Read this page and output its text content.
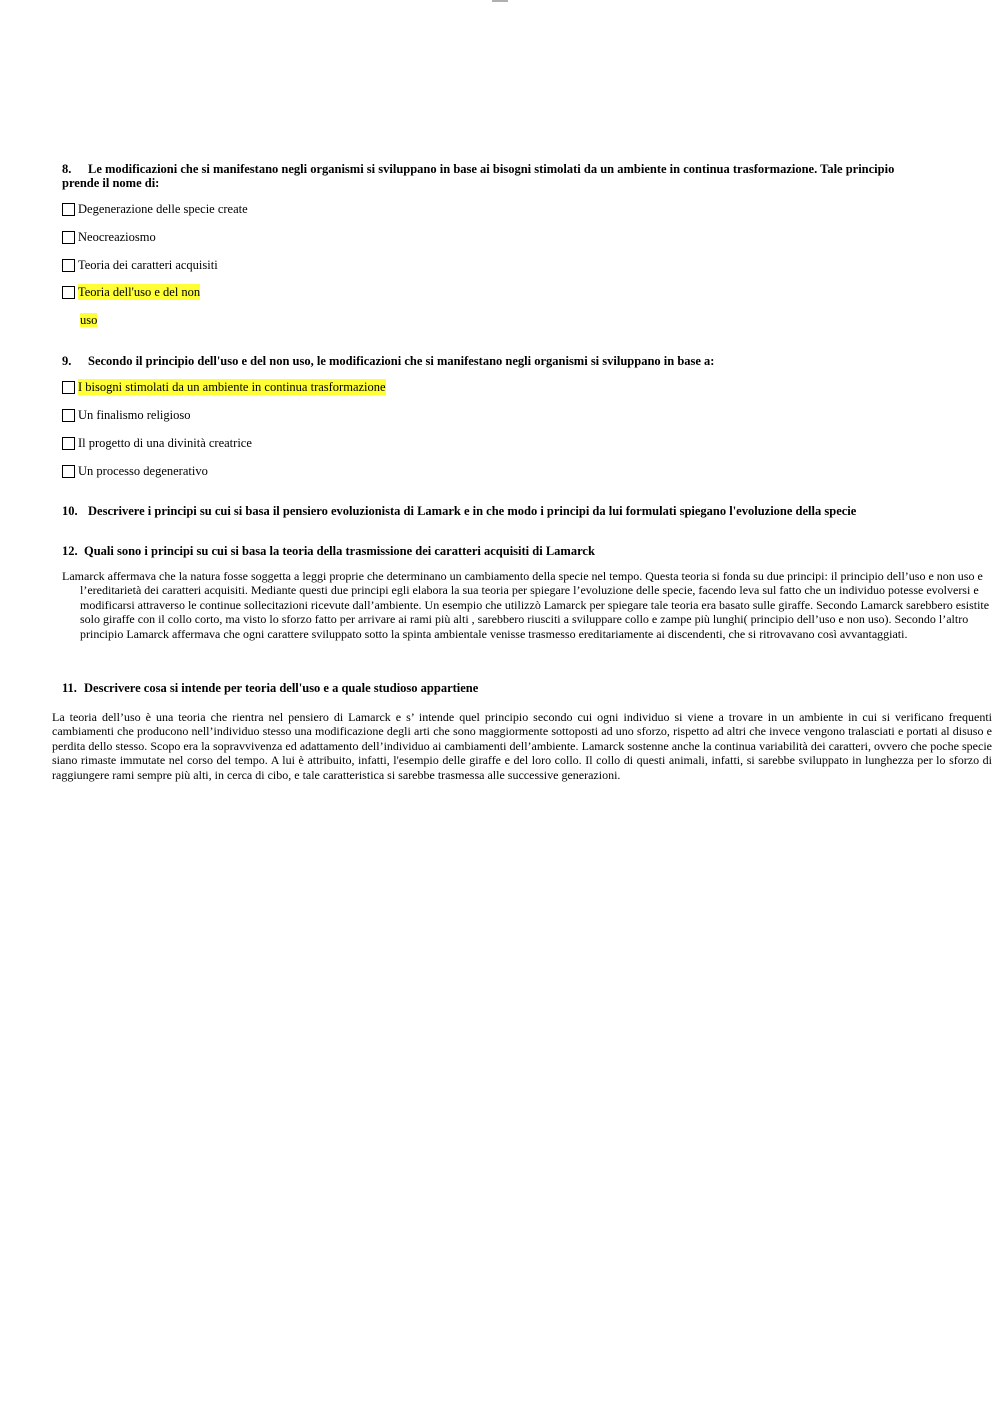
8. Le modificazioni che si manifestano negli organismi si sviluppano in base ai bisogni stimolati da un ambiente in continua trasformazione. Tale principio
prende il nome di:
Degenerazione delle specie create
Neocreaziosmo
Teoria dei caratteri acquisiti
Teoria dell'uso e del non
uso
9. Secondo il principio dell'uso e del non uso, le modificazioni che si manifestano negli organismi si sviluppano in base a:
I bisogni stimolati da un ambiente in continua trasformazione
Un finalismo religioso
Il progetto di una divinità creatrice
Un processo degenerativo
10. Descrivere i principi su cui si basa il pensiero evoluzionista di Lamark e in che modo i principi da lui formulati spiegano l'evoluzione della specie
12. Quali sono i principi su cui si basa la teoria della trasmissione dei caratteri acquisiti di Lamarck
Lamarck affermava che la natura fosse soggetta a leggi proprie che determinano un cambiamento della specie nel tempo. Questa teoria si fonda su due principi: il principio dell’uso e non uso e l’ereditarietà dei caratteri acquisiti. Mediante questi due principi egli elabora la sua teoria per spiegare l’evoluzione delle specie, facendo leva sul fatto che un individuo potesse evolversi e modificarsi attraverso le continue sollecitazioni ricevute dall’ambiente. Un esempio che utilizzò Lamarck per spiegare tale teoria era basato sulle giraffe. Secondo Lamarck sarebbero esistite solo giraffe con il collo corto, ma visto lo sforzo fatto per arrivare ai rami più alti , sarebbero riusciti a sviluppare collo e zampe più lunghi( principio dell’uso e non uso). Secondo l’altro principio Lamarck affermava che ogni carattere sviluppato sotto la spinta ambientale venisse trasmesso ereditariamente ai discendenti, che si ritrovavano così avvantaggiati.
11. Descrivere cosa si intende per teoria dell'uso e a quale studioso appartiene
La teoria dell’uso è una teoria che rientra nel pensiero di Lamarck e s’ intende quel principio secondo cui ogni individuo si viene a trovare in un ambiente in cui si verificano frequenti cambiamenti che producono nell’individuo stesso una modificazione degli arti che sono maggiormente sottoposti ad uno sforzo, rispetto ad altri che invece vengono tralasciati e portati al disuso e perdita dello stesso. Scopo era la sopravvivenza ed adattamento dell’individuo ai cambiamenti dell’ambiente. Lamarck sostenne anche la continua variabilità dei caratteri, ovvero che poche specie siano rimaste immutate nel corso del tempo. A lui è attribuito, infatti, l'esempio delle giraffe e del loro collo. Il collo di questi animali, infatti, si sarebbe sviluppato in lunghezza per lo sforzo di raggiungere rami sempre più alti, in cerca di cibo, e tale caratteristica si sarebbe trasmessa alle successive generazioni.
